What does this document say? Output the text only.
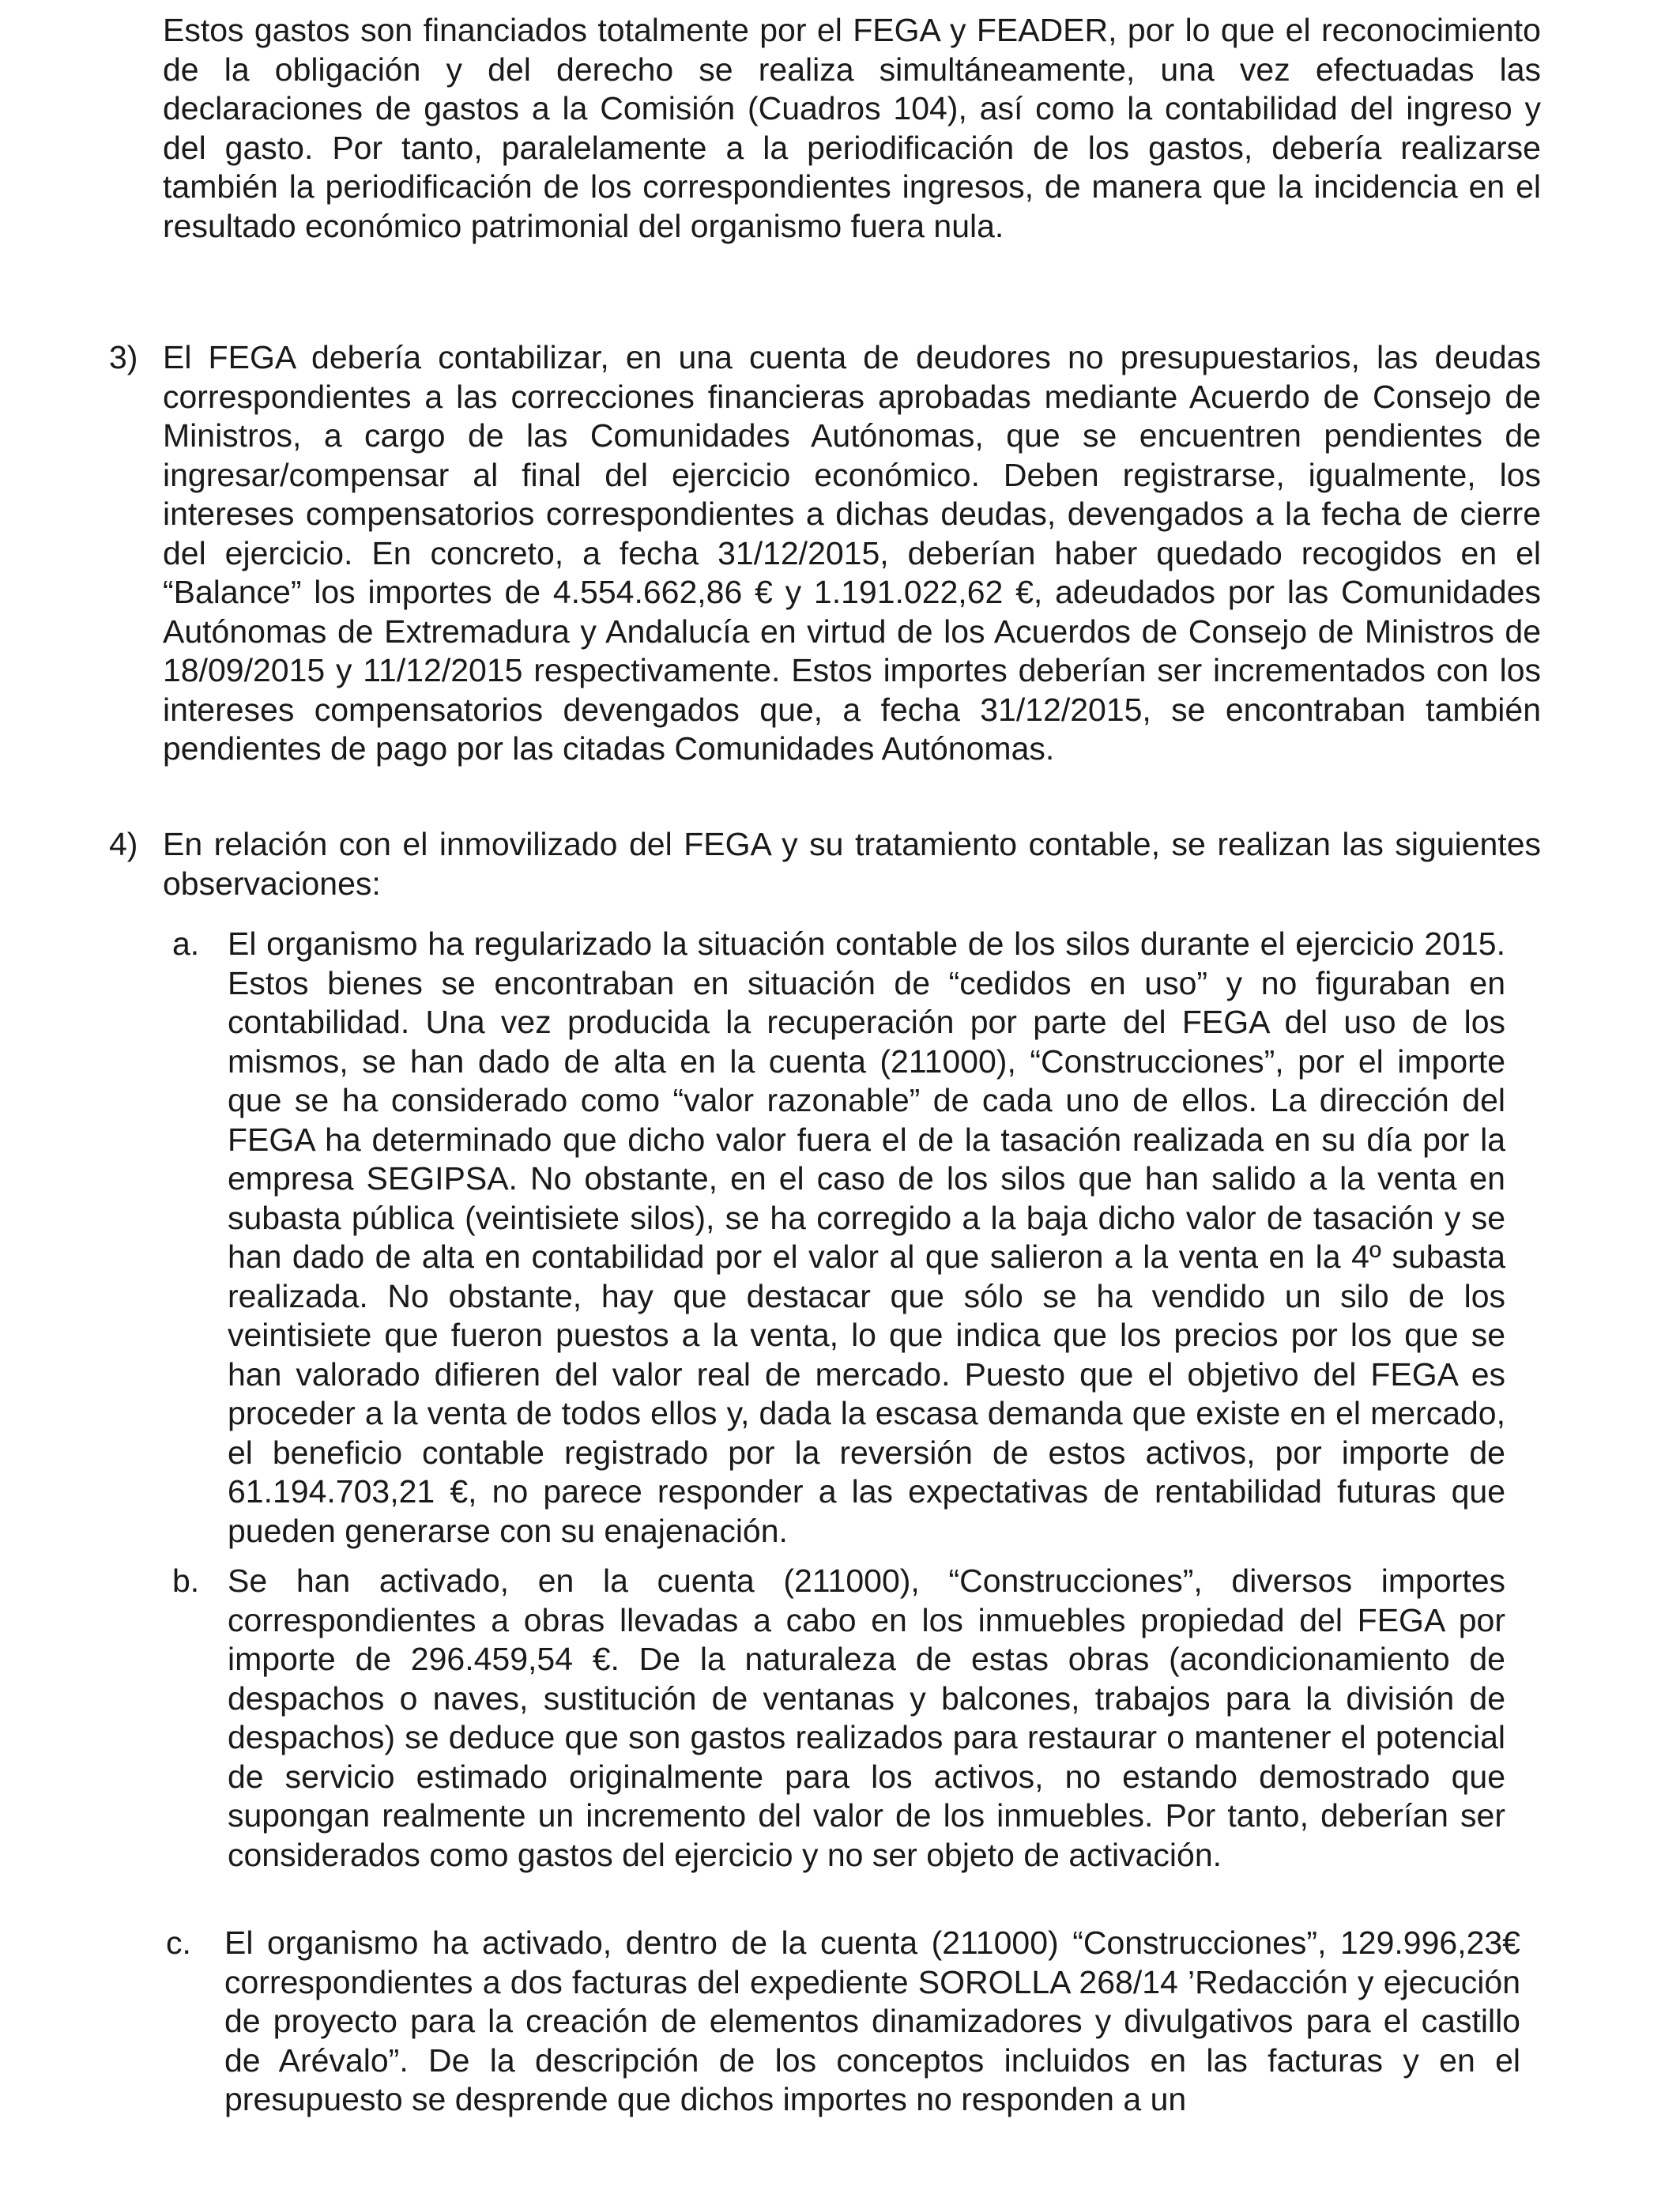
Estos gastos son financiados totalmente por el FEGA y FEADER, por lo que el reconocimiento de la obligación y del derecho se realiza simultáneamente, una vez efectuadas las declaraciones de gastos a la Comisión (Cuadros 104), así como la contabilidad del ingreso y del gasto. Por tanto, paralelamente a la periodificación de los gastos, debería realizarse también la periodificación de los correspondientes ingresos, de manera que la incidencia en el resultado económico patrimonial del organismo fuera nula.

3) El FEGA debería contabilizar, en una cuenta de deudores no presupuestarios, las deudas correspondientes a las correcciones financieras aprobadas mediante Acuerdo de Consejo de Ministros, a cargo de las Comunidades Autónomas, que se encuentren pendientes de ingresar/compensar al final del ejercicio económico. Deben registrarse, igualmente, los intereses compensatorios correspondientes a dichas deudas, devengados a la fecha de cierre del ejercicio. En concreto, a fecha 31/12/2015, deberían haber quedado recogidos en el “Balance” los importes de 4.554.662,86 € y 1.191.022,62 €, adeudados por las Comunidades Autónomas de Extremadura y Andalucía en virtud de los Acuerdos de Consejo de Ministros de 18/09/2015 y 11/12/2015 respectivamente. Estos importes deberían ser incrementados con los intereses compensatorios devengados que, a fecha 31/12/2015, se encontraban también pendientes de pago por las citadas Comunidades Autónomas.

4) En relación con el inmovilizado del FEGA y su tratamiento contable, se realizan las siguientes observaciones:

a. El organismo ha regularizado la situación contable de los silos durante el ejercicio 2015. Estos bienes se encontraban en situación de “cedidos en uso” y no figuraban en contabilidad. Una vez producida la recuperación por parte del FEGA del uso de los mismos, se han dado de alta en la cuenta (211000), “Construcciones”, por el importe que se ha considerado como “valor razonable” de cada uno de ellos. La dirección del FEGA ha determinado que dicho valor fuera el de la tasación realizada en su día por la empresa SEGIPSA. No obstante, en el caso de los silos que han salido a la venta en subasta pública (veintisiete silos), se ha corregido a la baja dicho valor de tasación y se han dado de alta en contabilidad por el valor al que salieron a la venta en la 4º subasta realizada. No obstante, hay que destacar que sólo se ha vendido un silo de los veintisiete que fueron puestos a la venta, lo que indica que los precios por los que se han valorado difieren del valor real de mercado. Puesto que el objetivo del FEGA es proceder a la venta de todos ellos y, dada la escasa demanda que existe en el mercado, el beneficio contable registrado por la reversión de estos activos, por importe de 61.194.703,21 €, no parece responder a las expectativas de rentabilidad futuras que pueden generarse con su enajenación.

b. Se han activado, en la cuenta (211000), “Construcciones”, diversos importes correspondientes a obras llevadas a cabo en los inmuebles propiedad del FEGA por importe de 296.459,54 €. De la naturaleza de estas obras (acondicionamiento de despachos o naves, sustitución de ventanas y balcones, trabajos para la división de despachos) se deduce que son gastos realizados para restaurar o mantener el potencial de servicio estimado originalmente para los activos, no estando demostrado que supongan realmente un incremento del valor de los inmuebles. Por tanto, deberían ser considerados como gastos del ejercicio y no ser objeto de activación.

c. El organismo ha activado, dentro de la cuenta (211000) “Construcciones”, 129.996,23€ correspondientes a dos facturas del expediente SOROLLA 268/14 ’Redacción y ejecución de proyecto para la creación de elementos dinamizadores y divulgativos para el castillo de Arévalo”. De la descripción de los conceptos incluidos en las facturas y en el presupuesto se desprende que dichos importes no responden a un
